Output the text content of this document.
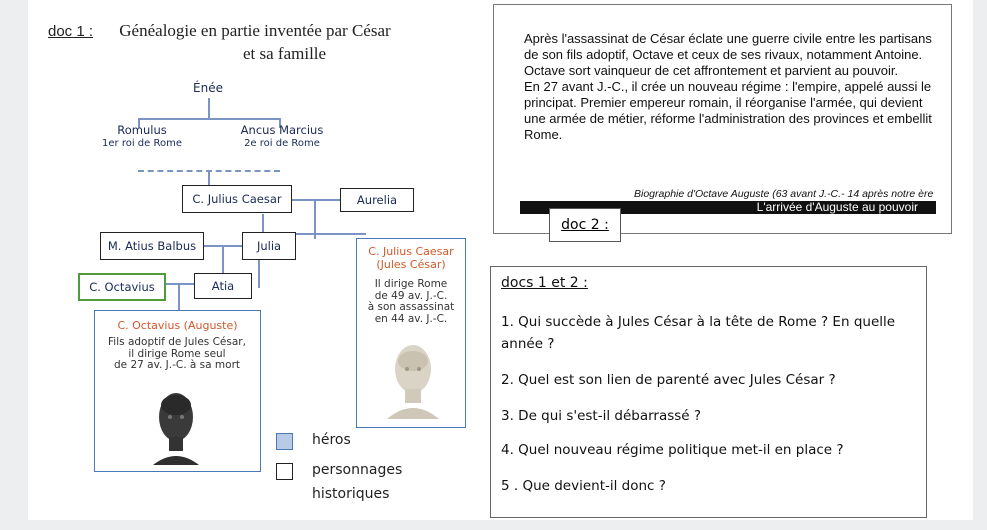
doc 1 : Généalogie en partie inventée par César
et sa famille
Énée
Romulus
1er roi de Rome
Ancus Marcius
2e roi de Rome
C. Julius Caesar	Aurelia
M. Atius Balbus	Julia	C. Julius Caesar
(Jules César)
Il dirige Rome
de 49 av. J.-C.
à son assassinat
en 44 av. J.-C.
C. Octavius	Atia
C. Octavius (Auguste)
Fils adoptif de Jules César,
il dirige Rome seul
de 27 av. J.-C. à sa mort
héros
personnages
historiques
Après l'assassinat de César éclate une guerre civile entre les partisans de son fils adoptif, Octave et ceux de ses rivaux, notamment Antoine. Octave sort vainqueur de cet affrontement et parvient au pouvoir.
En 27 avant J.-C., il crée un nouveau régime : l'empire, appelé aussi le principat. Premier empereur romain, il réorganise l'armée, qui devient une armée de métier, réforme l'administration des provinces et embellit Rome.
Biographie d'Octave Auguste (63 avant J.-C.- 14 après notre ère
L'arrivée d'Auguste au pouvoir
doc 2 :
docs 1 et 2 :
1. Qui succède à Jules César à la tête de Rome ? En quelle
année ?
2. Quel est son lien de parenté avec Jules César ?
3. De qui s'est-il débarrassé ?
4. Quel nouveau régime politique met-il en place ?
5 . Que devient-il donc ?
